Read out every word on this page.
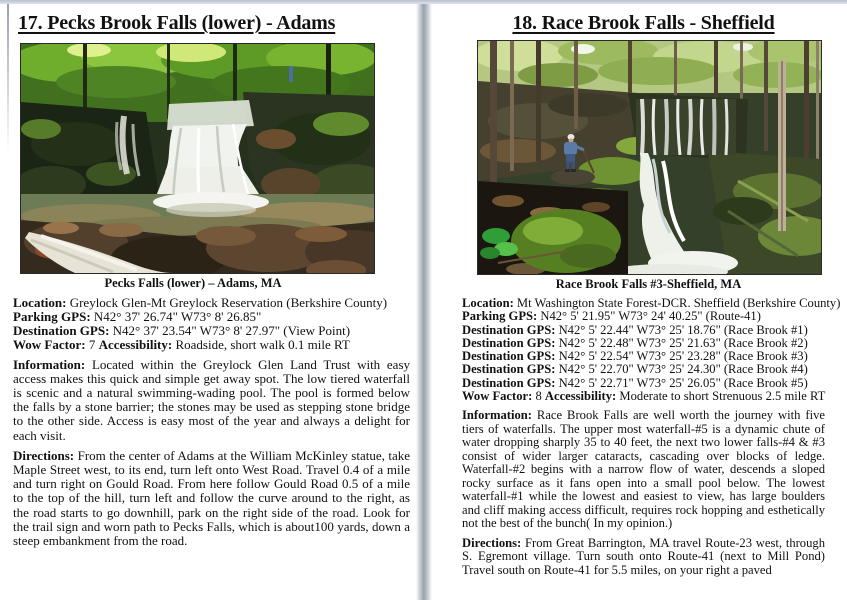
17. Pecks Brook Falls (lower) - Adams
Pecks Falls (lower) – Adams, MA
Location: Greylock Glen-Mt Greylock Reservation (Berkshire County)
Parking GPS: N42° 37' 26.74" W73° 8' 26.85"
Destination GPS: N42° 37' 23.54" W73° 8' 27.97" (View Point)
Wow Factor: 7 Accessibility: Roadside, short walk 0.1 mile RT

Information: Located within the Greylock Glen Land Trust with easy access makes this quick and simple get away spot. The low tiered waterfall is scenic and a natural swimming-wading pool. The pool is formed below the falls by a stone barrier; the stones may be used as stepping stone bridge to the other side. Access is easy most of the year and always a delight for each visit.

Directions: From the center of Adams at the William McKinley statue, take Maple Street west, to its end, turn left onto West Road. Travel 0.4 of a mile and turn right on Gould Road. From here follow Gould Road 0.5 of a mile to the top of the hill, turn left and follow the curve around to the right, as the road starts to go downhill, park on the right side of the road. Look for the trail sign and worn path to Pecks Falls, which is about100 yards, down a steep embankment from the road.

18. Race Brook Falls - Sheffield
Race Brook Falls #3-Sheffield, MA
Location: Mt Washington State Forest-DCR. Sheffield (Berkshire County)
Parking GPS: N42° 5' 21.95" W73° 24' 40.25" (Route-41)
Destination GPS: N42° 5' 22.44" W73° 25' 18.76" (Race Brook #1)
Destination GPS: N42° 5' 22.48" W73° 25' 21.63" (Race Brook #2)
Destination GPS: N42° 5' 22.54" W73° 25' 23.28" (Race Brook #3)
Destination GPS: N42° 5' 22.70" W73° 25' 24.30" (Race Brook #4)
Destination GPS: N42° 5' 22.71" W73° 25' 26.05" (Race Brook #5)
Wow Factor: 8 Accessibility: Moderate to short Strenuous 2.5 mile RT

Information: Race Brook Falls are well worth the journey with five tiers of waterfalls. The upper most waterfall-#5 is a dynamic chute of water dropping sharply 35 to 40 feet, the next two lower falls-#4 & #3 consist of wider larger cataracts, cascading over blocks of ledge. Waterfall-#2 begins with a narrow flow of water, descends a sloped rocky surface as it fans open into a small pool below. The lowest waterfall-#1 while the lowest and easiest to view, has large boulders and cliff making access difficult, requires rock hopping and esthetically not the best of the bunch( In my opinion.)

Directions: From Great Barrington, MA travel Route-23 west, through S. Egremont village. Turn south onto Route-41 (next to Mill Pond) Travel south on Route-41 for 5.5 miles, on your right a paved
